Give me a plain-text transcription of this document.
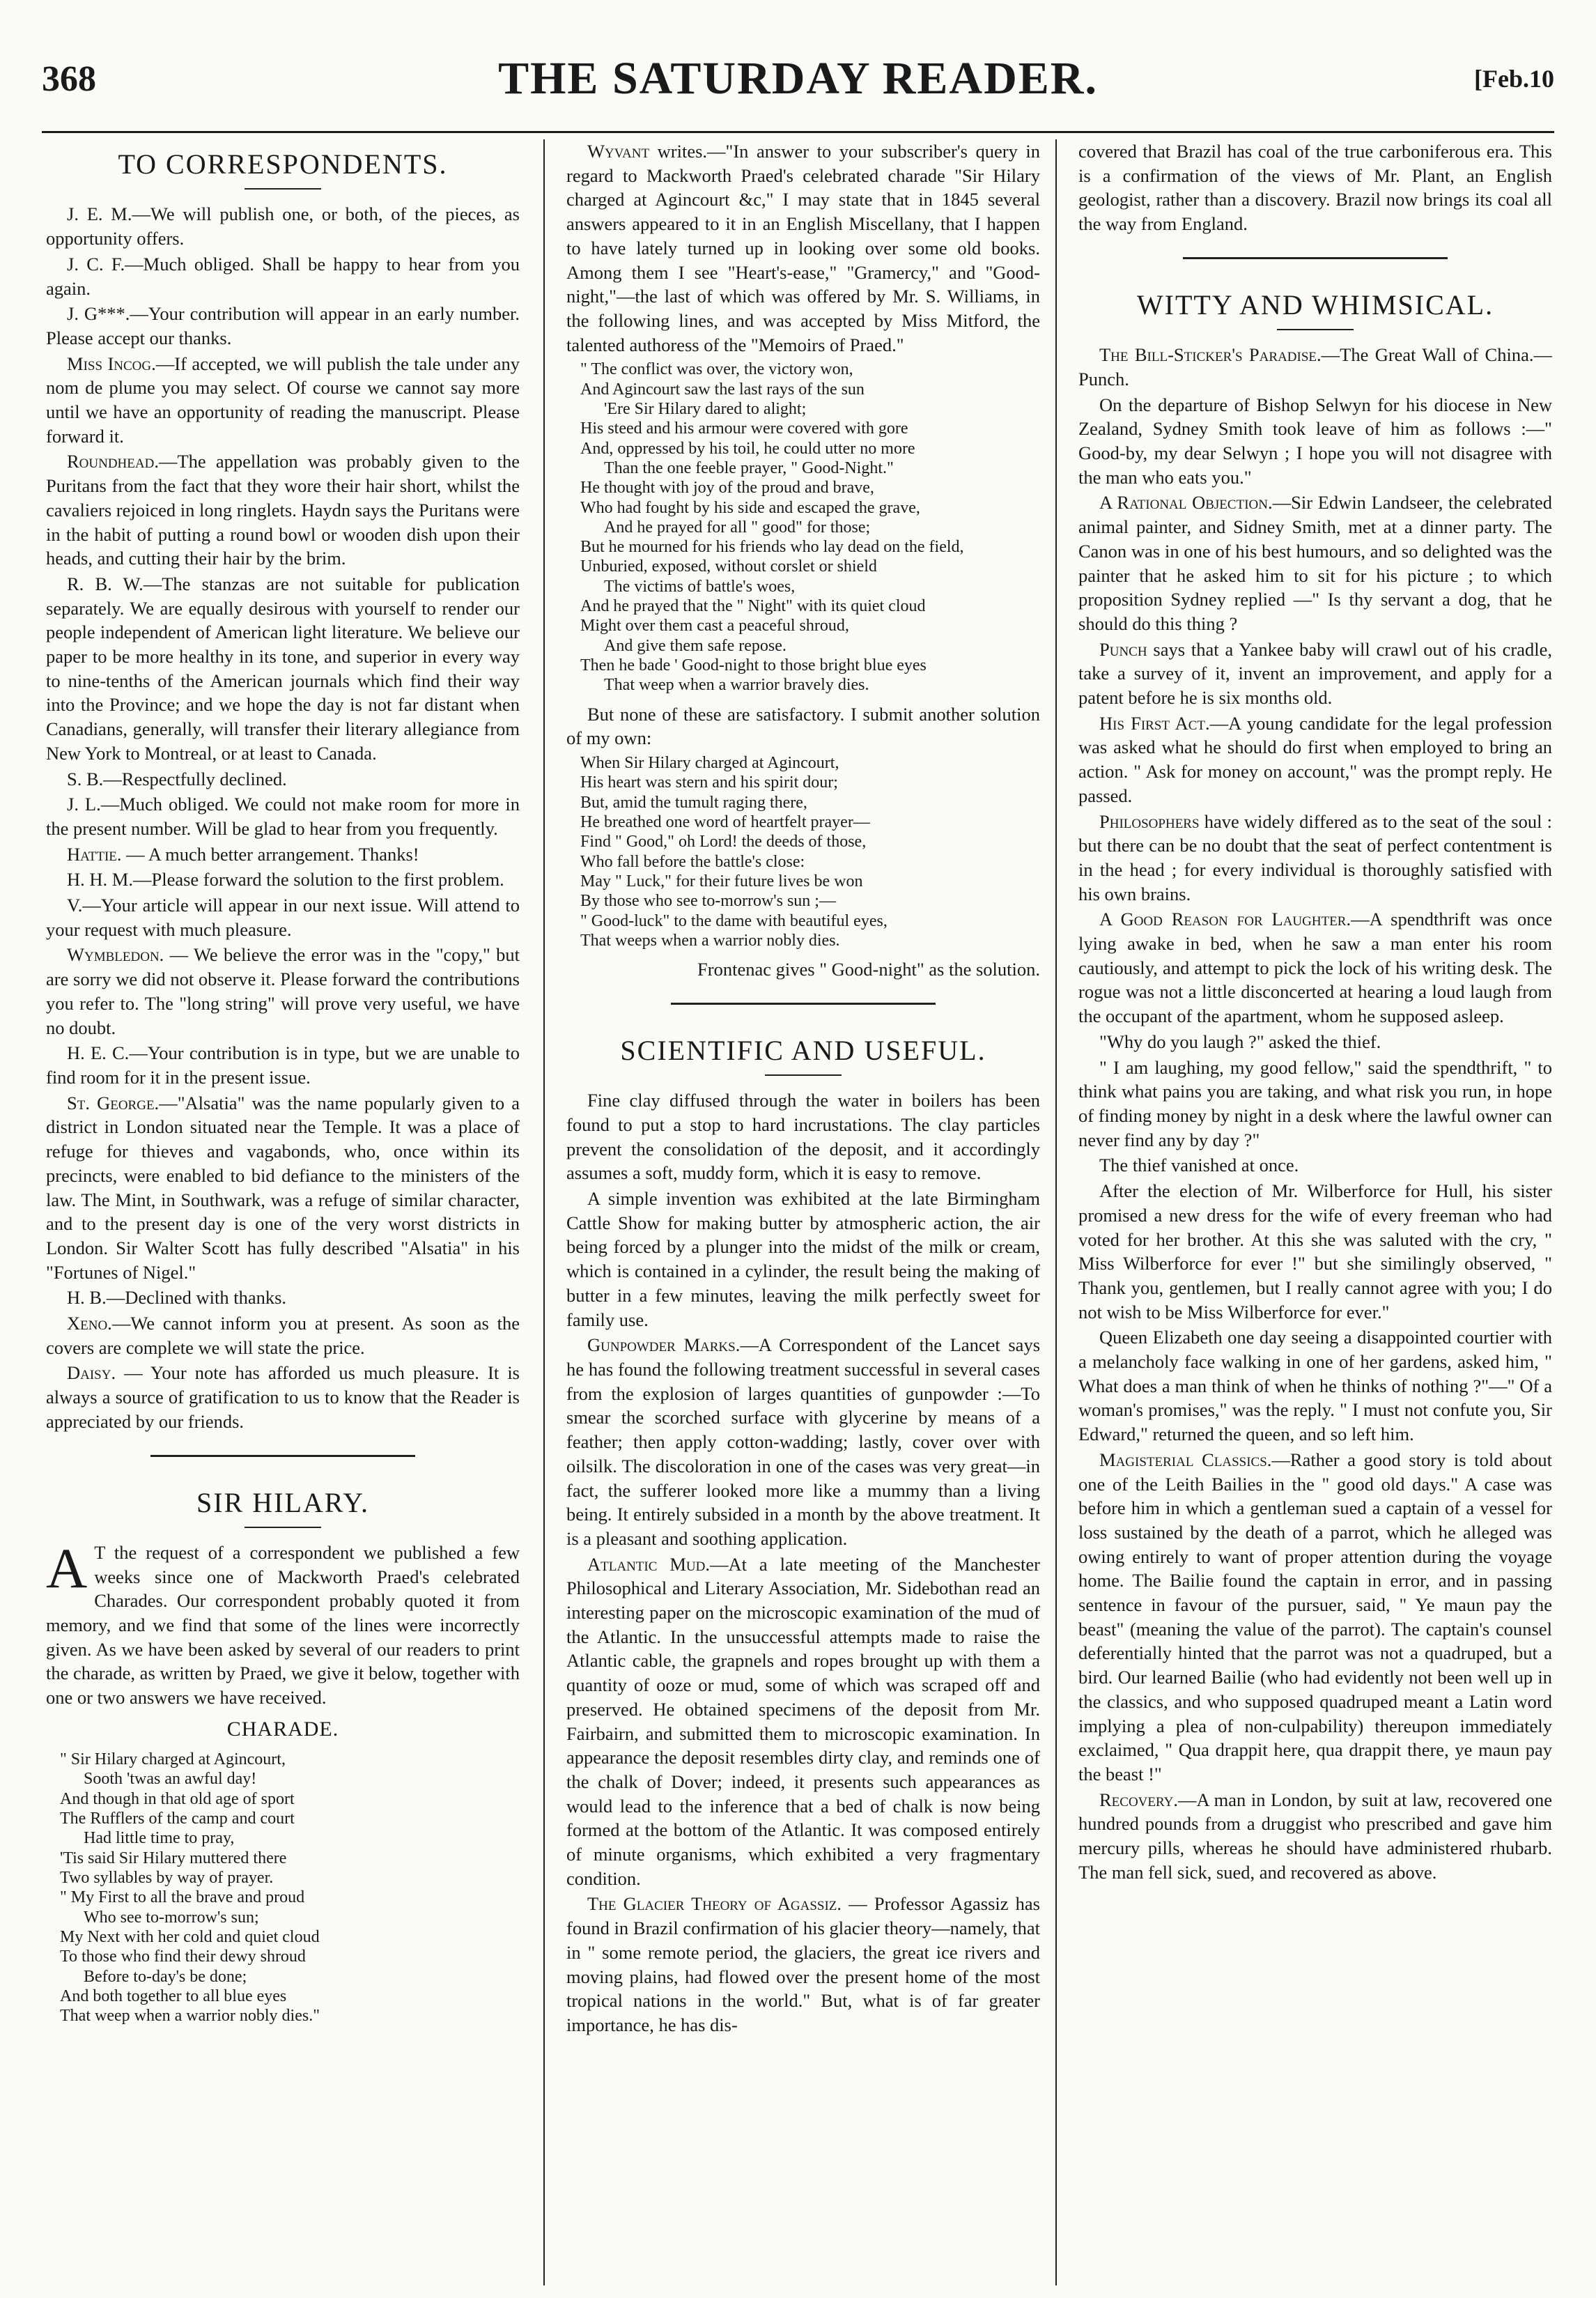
368	THE SATURDAY READER.	[Feb.10
TO CORRESPONDENTS.

J. E. M.—We will publish one, or both, of the pieces, as opportunity offers.

J. C. F.—Much obliged. Shall be happy to hear from you again.

J. G***.—Your contribution will appear in an early number. Please accept our thanks.

Miss Incog.—If accepted, we will publish the tale under any nom de plume you may select. Of course we cannot say more until we have an opportunity of reading the manuscript. Please forward it.

Roundhead.—The appellation was probably given to the Puritans from the fact that they wore their hair short, whilst the cavaliers rejoiced in long ringlets. Haydn says the Puritans were in the habit of putting a round bowl or wooden dish upon their heads, and cutting their hair by the brim.

R. B. W.—The stanzas are not suitable for publication separately. We are equally desirous with yourself to render our people independent of American light literature. We believe our paper to be more healthy in its tone, and superior in every way to nine-tenths of the American journals which find their way into the Province; and we hope the day is not far distant when Canadians, generally, will transfer their literary allegiance from New York to Montreal, or at least to Canada.

S. B.—Respectfully declined.

J. L.—Much obliged. We could not make room for more in the present number. Will be glad to hear from you frequently.

Hattie. — A much better arrangement. Thanks!

H. H. M.—Please forward the solution to the first problem.

V.—Your article will appear in our next issue. Will attend to your request with much pleasure.

Wymbledon. — We believe the error was in the "copy," but are sorry we did not observe it. Please forward the contributions you refer to. The "long string" will prove very useful, we have no doubt.

H. E. C.—Your contribution is in type, but we are unable to find room for it in the present issue.

St. George.—"Alsatia" was the name popularly given to a district in London situated near the Temple. It was a place of refuge for thieves and vagabonds, who, once within its precincts, were enabled to bid defiance to the ministers of the law. The Mint, in Southwark, was a refuge of similar character, and to the present day is one of the very worst districts in London. Sir Walter Scott has fully described "Alsatia" in his "Fortunes of Nigel."

H. B.—Declined with thanks.

Xeno.—We cannot inform you at present. As soon as the covers are complete we will state the price.

Daisy. — Your note has afforded us much pleasure. It is always a source of gratification to us to know that the Reader is appreciated by our friends.

SIR HILARY.

A T the request of a correspondent we published a few weeks since one of Mackworth Praed's celebrated Charades. Our correspondent probably quoted it from memory, and we find that some of the lines were incorrectly given. As we have been asked by several of our readers to print the charade, as written by Praed, we give it below, together with one or two answers we have received.

CHARADE.
" Sir Hilary charged at Agincourt,
Sooth 'twas an awful day!
And though in that old age of sport
The Rufflers of the camp and court
Had little time to pray,
'Tis said Sir Hilary muttered there
Two syllables by way of prayer.
" My First to all the brave and proud
Who see to-morrow's sun;
My Next with her cold and quiet cloud
To those who find their dewy shroud
Before to-day's be done;
And both together to all blue eyes
That weep when a warrior nobly dies."

Wyvant writes.—"In answer to your subscriber's query in regard to Mackworth Praed's celebrated charade "Sir Hilary charged at Agincourt &c," I may state that in 1845 several answers appeared to it in an English Miscellany, that I happen to have lately turned up in looking over some old books. Among them I see "Heart's-ease," "Gramercy," and "Good-night,"—the last of which was offered by Mr. S. Williams, in the following lines, and was accepted by Miss Mitford, the talented authoress of the "Memoirs of Praed."

" The conflict was over, the victory won,
And Agincourt saw the last rays of the sun
'Ere Sir Hilary dared to alight;
His steed and his armour were covered with gore
And, oppressed by his toil, he could utter no more
Than the one feeble prayer, " Good-Night."
He thought with joy of the proud and brave,
Who had fought by his side and escaped the grave,
And he prayed for all " good" for those;
But he mourned for his friends who lay dead on the field,
Unburied, exposed, without corslet or shield
The victims of battle's woes,
And he prayed that the " Night" with its quiet cloud
Might over them cast a peaceful shroud,
And give them safe repose.
Then he bade ' Good-night to those bright blue eyes
That weep when a warrior bravely dies.

But none of these are satisfactory. I submit another solution of my own:

When Sir Hilary charged at Agincourt,
His heart was stern and his spirit dour;
But, amid the tumult raging there,
He breathed one word of heartfelt prayer—
Find " Good," oh Lord! the deeds of those,
Who fall before the battle's close:
May " Luck," for their future lives be won
By those who see to-morrow's sun ;—
" Good-luck" to the dame with beautiful eyes,
That weeps when a warrior nobly dies.

Frontenac gives " Good-night" as the solution.

SCIENTIFIC AND USEFUL.

Fine clay diffused through the water in boilers has been found to put a stop to hard incrustations. The clay particles prevent the consolidation of the deposit, and it accordingly assumes a soft, muddy form, which it is easy to remove.

A simple invention was exhibited at the late Birmingham Cattle Show for making butter by atmospheric action, the air being forced by a plunger into the midst of the milk or cream, which is contained in a cylinder, the result being the making of butter in a few minutes, leaving the milk perfectly sweet for family use.

Gunpowder Marks.—A Correspondent of the Lancet says he has found the following treatment successful in several cases from the explosion of larges quantities of gunpowder :—To smear the scorched surface with glycerine by means of a feather; then apply cotton-wadding; lastly, cover over with oilsilk. The discoloration in one of the cases was very great—in fact, the sufferer looked more like a mummy than a living being. It entirely subsided in a month by the above treatment. It is a pleasant and soothing application.

Atlantic Mud.—At a late meeting of the Manchester Philosophical and Literary Association, Mr. Sidebothan read an interesting paper on the microscopic examination of the mud of the Atlantic. In the unsuccessful attempts made to raise the Atlantic cable, the grapnels and ropes brought up with them a quantity of ooze or mud, some of which was scraped off and preserved. He obtained specimens of the deposit from Mr. Fairbairn, and submitted them to microscopic examination. In appearance the deposit resembles dirty clay, and reminds one of the chalk of Dover; indeed, it presents such appearances as would lead to the inference that a bed of chalk is now being formed at the bottom of the Atlantic. It was composed entirely of minute organisms, which exhibited a very fragmentary condition.

The Glacier Theory of Agassiz. — Professor Agassiz has found in Brazil confirmation of his glacier theory—namely, that in " some remote period, the glaciers, the great ice rivers and moving plains, had flowed over the present home of the most tropical nations in the world." But, what is of far greater importance, he has dis-

covered that Brazil has coal of the true carboniferous era. This is a confirmation of the views of Mr. Plant, an English geologist, rather than a discovery. Brazil now brings its coal all the way from England.

WITTY AND WHIMSICAL.

The Bill-Sticker's Paradise.—The Great Wall of China.—Punch.

On the departure of Bishop Selwyn for his diocese in New Zealand, Sydney Smith took leave of him as follows :—" Good-by, my dear Selwyn ; I hope you will not disagree with the man who eats you."

A Rational Objection.—Sir Edwin Landseer, the celebrated animal painter, and Sidney Smith, met at a dinner party. The Canon was in one of his best humours, and so delighted was the painter that he asked him to sit for his picture ; to which proposition Sydney replied —" Is thy servant a dog, that he should do this thing ?

Punch says that a Yankee baby will crawl out of his cradle, take a survey of it, invent an improvement, and apply for a patent before he is six months old.

His First Act.—A young candidate for the legal profession was asked what he should do first when employed to bring an action. " Ask for money on account," was the prompt reply. He passed.

Philosophers have widely differed as to the seat of the soul : but there can be no doubt that the seat of perfect contentment is in the head ; for every individual is thoroughly satisfied with his own brains.

A Good Reason for Laughter.—A spendthrift was once lying awake in bed, when he saw a man enter his room cautiously, and attempt to pick the lock of his writing desk. The rogue was not a little disconcerted at hearing a loud laugh from the occupant of the apartment, whom he supposed asleep.

"Why do you laugh ?" asked the thief.

" I am laughing, my good fellow," said the spendthrift, " to think what pains you are taking, and what risk you run, in hope of finding money by night in a desk where the lawful owner can never find any by day ?"

The thief vanished at once.

After the election of Mr. Wilberforce for Hull, his sister promised a new dress for the wife of every freeman who had voted for her brother. At this she was saluted with the cry, " Miss Wilberforce for ever !" but she similingly observed, " Thank you, gentlemen, but I really cannot agree with you; I do not wish to be Miss Wilberforce for ever."

Queen Elizabeth one day seeing a disappointed courtier with a melancholy face walking in one of her gardens, asked him, " What does a man think of when he thinks of nothing ?"—" Of a woman's promises," was the reply. " I must not confute you, Sir Edward," returned the queen, and so left him.

Magisterial Classics.—Rather a good story is told about one of the Leith Bailies in the " good old days." A case was before him in which a gentleman sued a captain of a vessel for loss sustained by the death of a parrot, which he alleged was owing entirely to want of proper attention during the voyage home. The Bailie found the captain in error, and in passing sentence in favour of the pursuer, said, " Ye maun pay the beast" (meaning the value of the parrot). The captain's counsel deferentially hinted that the parrot was not a quadruped, but a bird. Our learned Bailie (who had evidently not been well up in the classics, and who supposed quadruped meant a Latin word implying a plea of non-culpability) thereupon immediately exclaimed, " Qua drappit here, qua drappit there, ye maun pay the beast !"

Recovery.—A man in London, by suit at law, recovered one hundred pounds from a druggist who prescribed and gave him mercury pills, whereas he should have administered rhubarb. The man fell sick, sued, and recovered as above.
